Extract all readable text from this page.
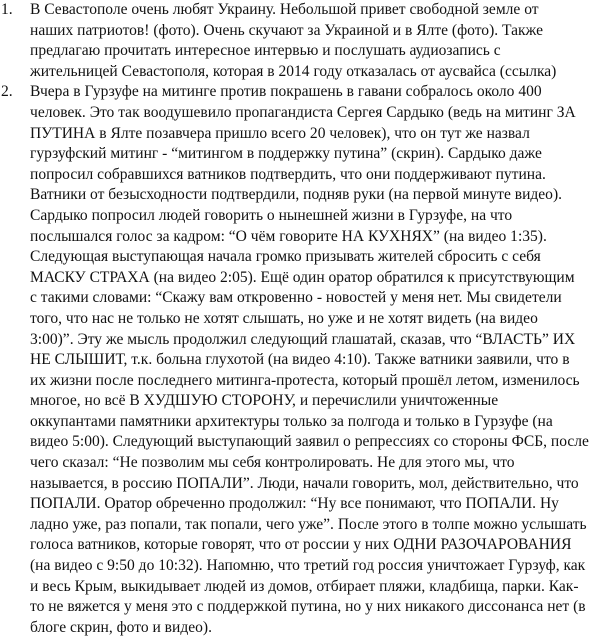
1. В Севастополе очень любят Украину. Небольшой привет свободной земле от
наших патриотов! (фото). Очень скучают за Украиной и в Ялте (фото). Также
предлагаю прочитать интересное интервью и послушать аудиозапись с
жительницей Севастополя, которая в 2014 году отказалась от аусвайса (ссылка)
2. Вчера в Гурзуфе на митинге против покрашень в гавани собралось около 400
человек. Это так воодушевило пропагандиста Сергея Сардыко (ведь на митинг ЗА
ПУТИНА в Ялте позавчера пришло всего 20 человек), что он тут же назвал
гурзуфский митинг - “митингом в поддержку путина” (скрин). Сардыко даже
попросил собравшихся ватников подтвердить, что они поддерживают путина.
Ватники от безысходности подтвердили, подняв руки (на первой минуте видео).
Сардыко попросил людей говорить о нынешней жизни в Гурзуфе, на что
послышался голос за кадром: “О чём говорите НА КУХНЯХ” (на видео 1:35).
Следующая выступающая начала громко призывать жителей сбросить с себя
МАСКУ СТРАХА (на видео 2:05). Ещё один оратор обратился к присутствующим
с такими словами: “Скажу вам откровенно - новостей у меня нет. Мы свидетели
того, что нас не только не хотят слышать, но уже и не хотят видеть (на видео
3:00)”. Эту же мысль продолжил следующий глашатай, сказав, что “ВЛАСТЬ” ИХ
НЕ СЛЫШИТ, т.к. больна глухотой (на видео 4:10). Также ватники заявили, что в
их жизни после последнего митинга-протеста, который прошёл летом, изменилось
многое, но всё В ХУДШУЮ СТОРОНУ, и перечислили уничтоженные
оккупантами памятники архитектуры только за полгода и только в Гурзуфе (на
видео 5:00). Следующий выступающий заявил о репрессиях со стороны ФСБ, после
чего сказал: “Не позволим мы себя контролировать. Не для этого мы, что
называется, в россию ПОПАЛИ”. Люди, начали говорить, мол, действительно, что
ПОПАЛИ. Оратор обреченно продолжил: “Ну все понимают, что ПОПАЛИ. Ну
ладно уже, раз попали, так попали, чего уже”. После этого в толпе можно услышать
голоса ватников, которые говорят, что от россии у них ОДНИ РАЗОЧАРОВАНИЯ
(на видео с 9:50 до 10:32). Напомню, что третий год россия уничтожает Гурзуф, как
и весь Крым, выкидывает людей из домов, отбирает пляжи, кладбища, парки. Как-
то не вяжется у меня это с поддержкой путина, но у них никакого диссонанса нет (в
блоге скрин, фото и видео).
